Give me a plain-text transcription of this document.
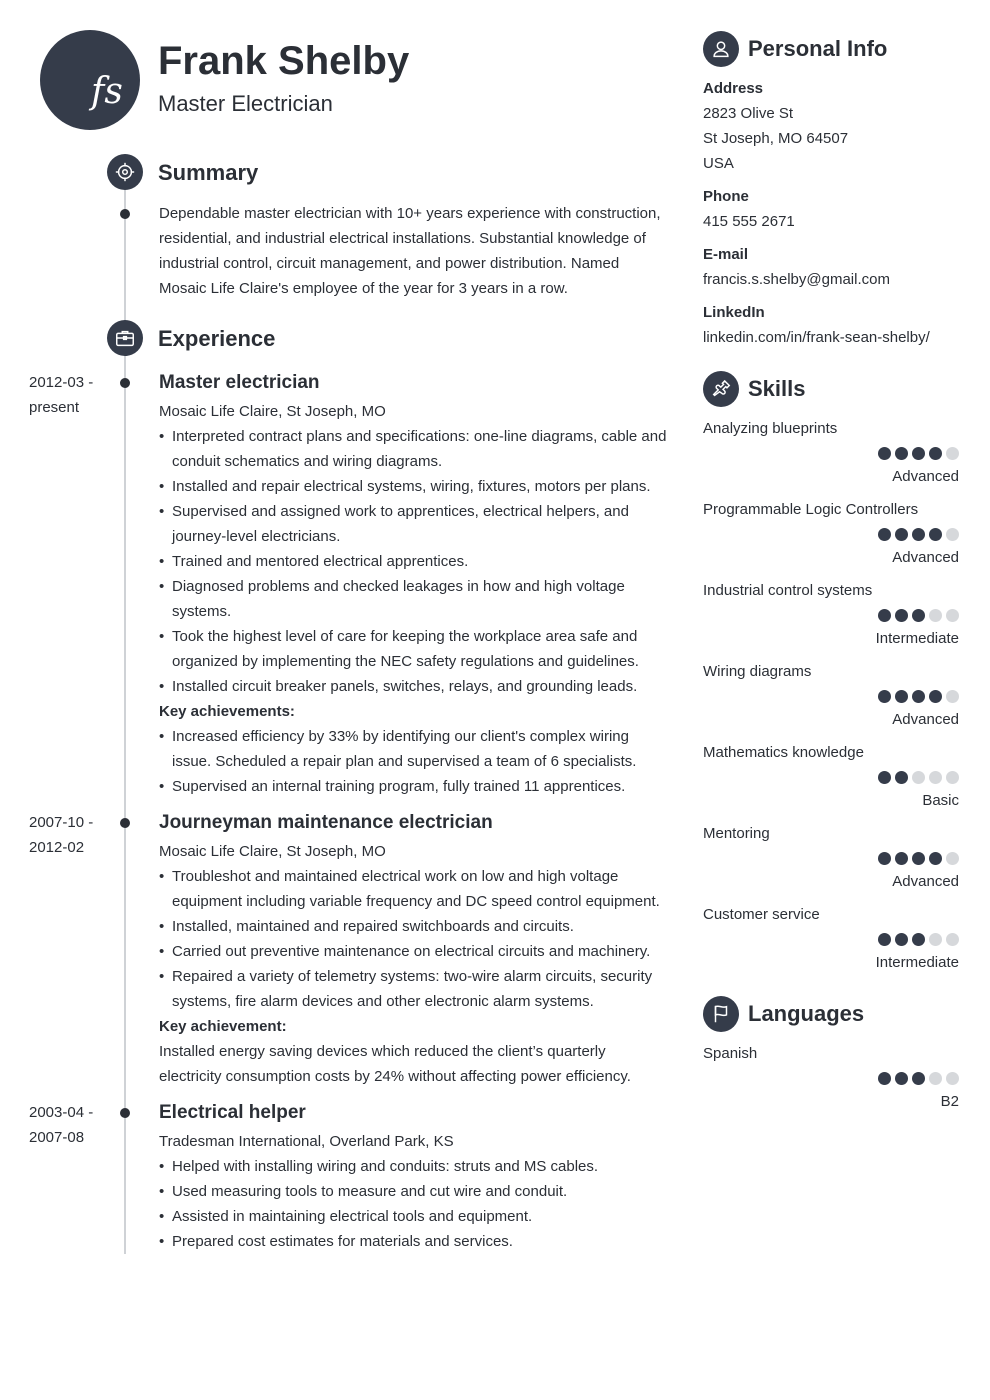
fs
Frank Shelby
Master Electrician
Summary
Dependable master electrician with 10+ years experience with construction, residential, and industrial electrical installations. Substantial knowledge of industrial control, circuit management, and power distribution. Named Mosaic Life Claire's employee of the year for 3 years in a row.
Experience
2012-03 -
present
Master electrician
Mosaic Life Claire, St Joseph, MO
• Interpreted contract plans and specifications: one-line diagrams, cable and conduit schematics and wiring diagrams.
• Installed and repair electrical systems, wiring, fixtures, motors per plans.
• Supervised and assigned work to apprentices, electrical helpers, and journey-level electricians.
• Trained and mentored electrical apprentices.
• Diagnosed problems and checked leakages in how and high voltage systems.
• Took the highest level of care for keeping the workplace area safe and organized by implementing the NEC safety regulations and guidelines.
• Installed circuit breaker panels, switches, relays, and grounding leads.
Key achievements:
• Increased efficiency by 33% by identifying our client's complex wiring issue. Scheduled a repair plan and supervised a team of 6 specialists.
• Supervised an internal training program, fully trained 11 apprentices.
2007-10 -
2012-02
Journeyman maintenance electrician
Mosaic Life Claire, St Joseph, MO
• Troubleshot and maintained electrical work on low and high voltage equipment including variable frequency and DC speed control equipment.
• Installed, maintained and repaired switchboards and circuits.
• Carried out preventive maintenance on electrical circuits and machinery.
• Repaired a variety of telemetry systems: two-wire alarm circuits, security systems, fire alarm devices and other electronic alarm systems.
Key achievement:
Installed energy saving devices which reduced the client’s quarterly electricity consumption costs by 24% without affecting power efficiency.
2003-04 -
2007-08
Electrical helper
Tradesman International, Overland Park, KS
• Helped with installing wiring and conduits: struts and MS cables.
• Used measuring tools to measure and cut wire and conduit.
• Assisted in maintaining electrical tools and equipment.
• Prepared cost estimates for materials and services.
Personal Info
Address
2823 Olive St
St Joseph, MO 64507
USA
Phone
415 555 2671
E-mail
francis.s.shelby@gmail.com
LinkedIn
linkedin.com/in/frank-sean-shelby/
Skills
Analyzing blueprints
Advanced
Programmable Logic Controllers
Advanced
Industrial control systems
Intermediate
Wiring diagrams
Advanced
Mathematics knowledge
Basic
Mentoring
Advanced
Customer service
Intermediate
Languages
Spanish
B2
